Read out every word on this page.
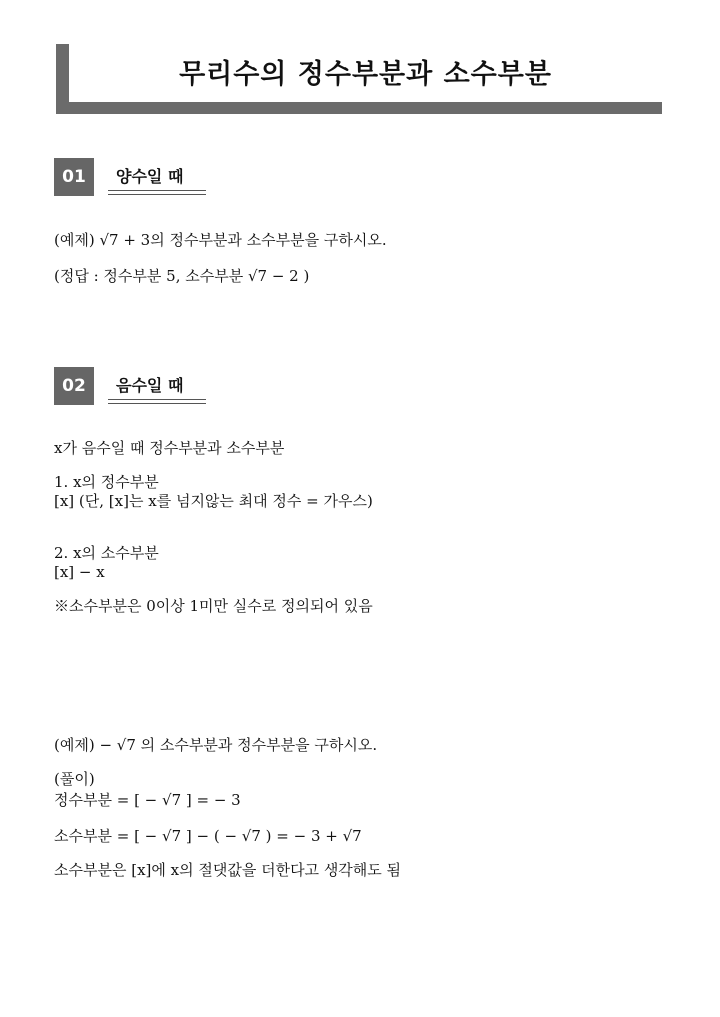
무리수의 정수부분과 소수부분
01	양수일 때
(예제) √7 + 3의 정수부분과 소수부분을 구하시오.
(정답 : 정수부분 5, 소수부분 √7 − 2 )
02	음수일 때
x가 음수일 때 정수부분과 소수부분
1. x의 정수부분
[x] (단, [x]는 x를 넘지않는 최대 정수 = 가우스)
2. x의 소수부분
[x] − x
※소수부분은 0이상 1미만 실수로 정의되어 있음
(예제) − √7 의 소수부분과 정수부분을 구하시오.
(풀이)
정수부분 = [ − √7 ] = − 3
소수부분 = [ − √7 ] − ( − √7 ) = − 3 + √7
소수부분은 [x]에 x의 절댓값을 더한다고 생각해도 됨
